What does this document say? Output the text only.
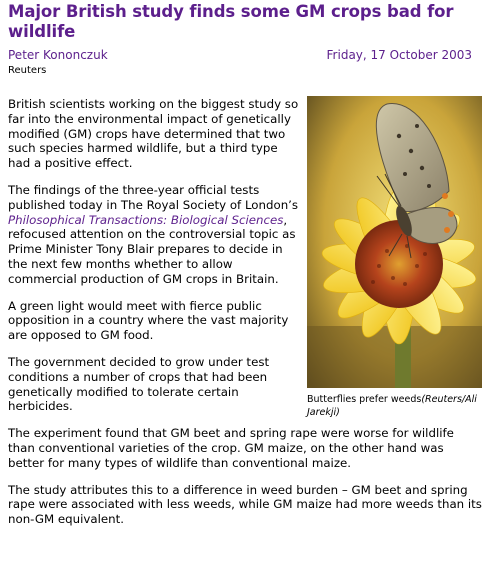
Major British study finds some GM crops bad for wildlife
Peter Kononczuk	Friday, 17 October 2003
Reuters

British scientists working on the biggest study so far into the environmental impact of genetically modified (GM) crops have determined that two such species harmed wildlife, but a third type had a positive effect.

The findings of the three-year official tests published today in The Royal Society of London’s Philosophical Transactions: Biological Sciences, refocused attention on the controversial topic as Prime Minister Tony Blair prepares to decide in the next few months whether to allow commercial production of GM crops in Britain.

A green light would meet with fierce public opposition in a country where the vast majority are opposed to GM food.

The government decided to grow under test conditions a number of crops that had been genetically modified to tolerate certain herbicides.	Butterflies prefer weeds(Reuters/Ali Jarekji)

The experiment found that GM beet and spring rape were worse for wildlife than conventional varieties of the crop. GM maize, on the other hand was better for many types of wildlife than conventional maize.

The study attributes this to a difference in weed burden – GM beet and spring rape were associated with less weeds, while GM maize had more weeds than its non-GM equivalent.
